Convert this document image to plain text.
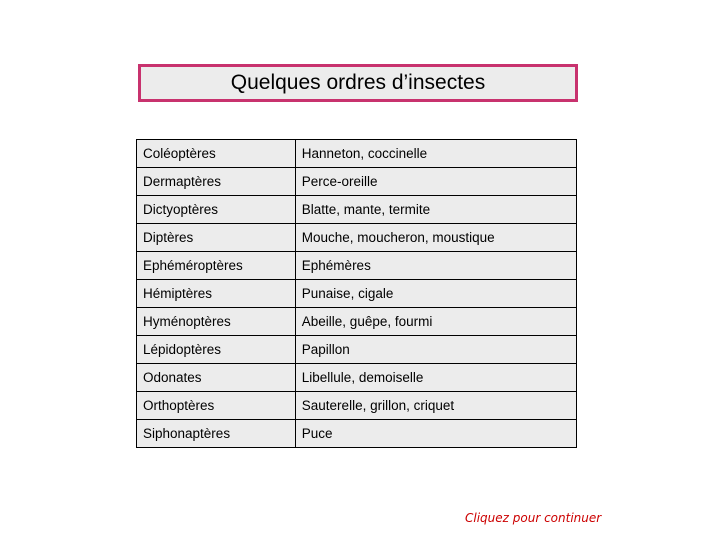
Quelques ordres d’insectes
Coléoptères	Hanneton, coccinelle
Dermaptères	Perce-oreille
Dictyoptères	Blatte, mante, termite
Diptères	Mouche, moucheron, moustique
Ephéméroptères	Ephémères
Hémiptères	Punaise, cigale
Hyménoptères	Abeille, guêpe, fourmi
Lépidoptères	Papillon
Odonates	Libellule, demoiselle
Orthoptères	Sauterelle, grillon, criquet
Siphonaptères	Puce
Cliquez pour continuer
